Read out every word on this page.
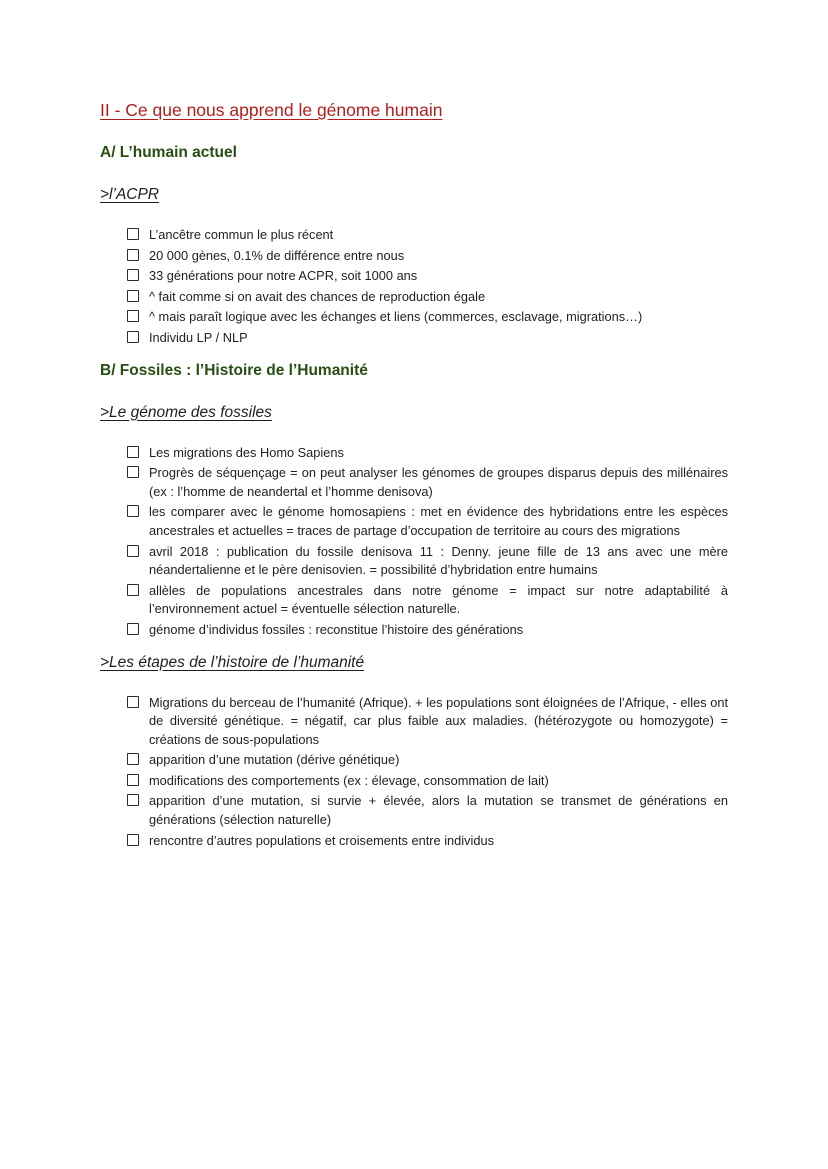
II - Ce que nous apprend le génome humain
A/ L’humain actuel
>l’ACPR
L’ancêtre commun le plus récent
20 000 gènes, 0.1% de différence entre nous
33 générations pour notre ACPR, soit 1000 ans
^ fait comme si on avait des chances de reproduction égale
^ mais paraît logique avec les échanges et liens (commerces, esclavage, migrations…)
Individu LP / NLP
B/ Fossiles : l’Histoire de l’Humanité
>Le génome des fossiles
Les migrations des Homo Sapiens
Progrès de séquençage = on peut analyser les génomes de groupes disparus depuis des millénaires (ex : l’homme de neandertal et l’homme denisova)
les comparer avec le génome homosapiens : met en évidence des hybridations entre les espèces ancestrales et actuelles = traces de partage d’occupation de territoire au cours des migrations
avril 2018 : publication du fossile denisova 11 : Denny. jeune fille de 13 ans avec une mère néandertalienne et le père denisovien. = possibilité d’hybridation entre humains
allèles de populations ancestrales dans notre génome = impact sur notre adaptabilité à l’environnement actuel = éventuelle sélection naturelle.
génome d’individus fossiles : reconstitue l’histoire des générations
>Les étapes de l’histoire de l’humanité
Migrations du berceau de l’humanité (Afrique). + les populations sont éloignées de l’Afrique, - elles ont de diversité génétique. = négatif, car plus faible aux maladies. (hétérozygote ou homozygote) = créations de sous-populations
apparition d’une mutation (dérive génétique)
modifications des comportements (ex : élevage, consommation de lait)
apparition d’une mutation, si survie + élevée, alors la mutation se transmet de générations en générations (sélection naturelle)
rencontre d’autres populations et croisements entre individus
